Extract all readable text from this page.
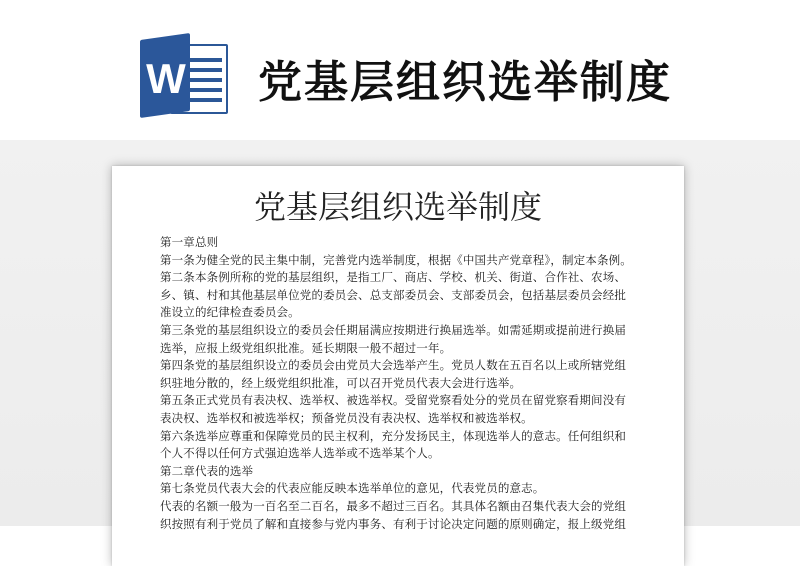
W 党基层组织选举制度
党基层组织选举制度
第一章总则
第一条为健全党的民主集中制，完善党内选举制度，根据《中国共产党章程》，制定本条例。
第二条本条例所称的党的基层组织，是指工厂、商店、学校、机关、街道、合作社、农场、
乡、镇、村和其他基层单位党的委员会、总支部委员会、支部委员会，包括基层委员会经批
准设立的纪律检查委员会。
第三条党的基层组织设立的委员会任期届满应按期进行换届选举。如需延期或提前进行换届
选举，应报上级党组织批准。延长期限一般不超过一年。
第四条党的基层组织设立的委员会由党员大会选举产生。党员人数在五百名以上或所辖党组
织驻地分散的，经上级党组织批准，可以召开党员代表大会进行选举。
第五条正式党员有表决权、选举权、被选举权。受留党察看处分的党员在留党察看期间没有
表决权、选举权和被选举权；预备党员没有表决权、选举权和被选举权。
第六条选举应尊重和保障党员的民主权利，充分发扬民主，体现选举人的意志。任何组织和
个人不得以任何方式强迫选举人选举或不选举某个人。
第二章代表的选举
第七条党员代表大会的代表应能反映本选举单位的意见，代表党员的意志。
代表的名额一般为一百名至二百名，最多不超过三百名。其具体名额由召集代表大会的党组
织按照有利于党员了解和直接参与党内事务、有利于讨论决定问题的原则确定，报上级党组
